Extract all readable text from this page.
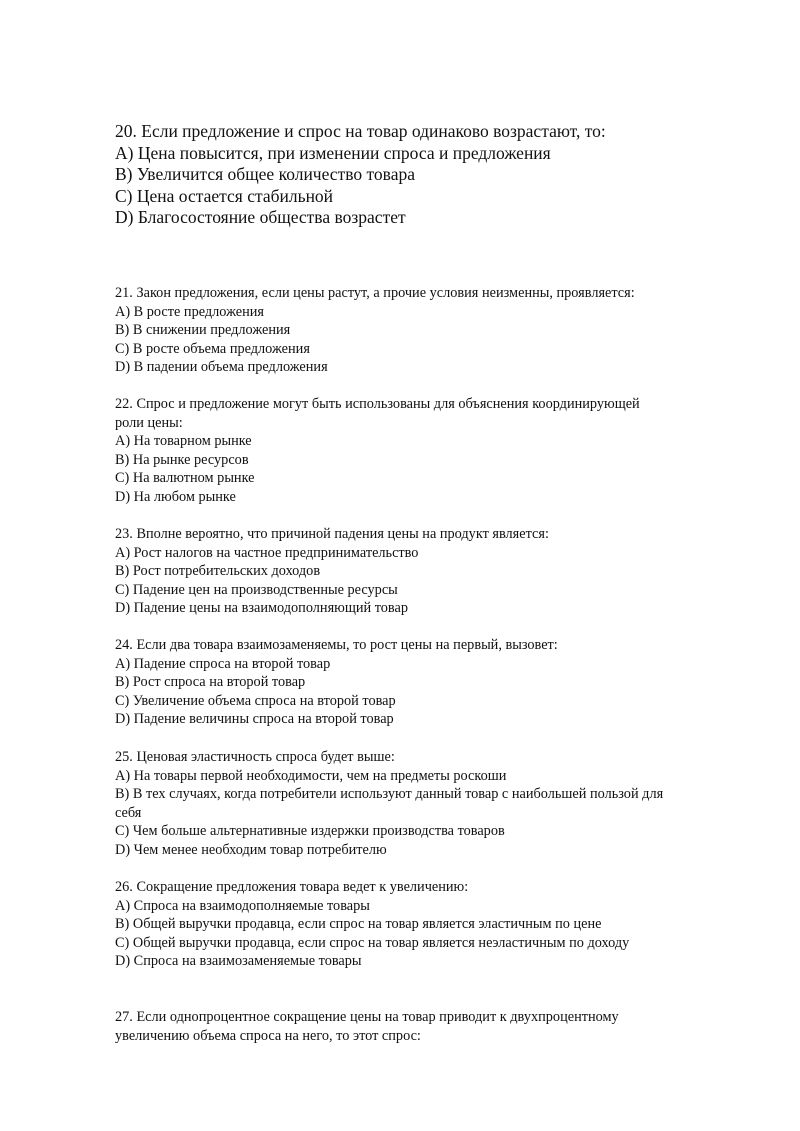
20. Если предложение и спрос на товар одинаково возрастают, то:

A) Цена повысится, при изменении спроса и предложения

B) Увеличится общее количество товара

C) Цена остается стабильной

D) Благосостояние общества возрастет

21. Закон предложения, если цены растут, а прочие условия неизменны, проявляется:

A) В росте предложения

B) В снижении предложения

C) В росте объема предложения

D) В падении объема предложения

22. Спрос и предложение могут быть использованы для объяснения координирующей

роли цены:

A) На товарном рынке

B) На рынке ресурсов

C) На валютном рынке

D) На любом рынке

23. Вполне вероятно, что причиной падения цены на продукт является:

A) Рост налогов на частное предпринимательство

B) Рост потребительских доходов

C) Падение цен на производственные ресурсы

D) Падение цены на взаимодополняющий товар

24. Если два товара взаимозаменяемы, то рост цены на первый, вызовет:

A) Падение спроса на второй товар

B) Рост спроса на второй товар

C) Увеличение объема спроса на второй товар

D) Падение величины спроса на второй товар

25. Ценовая эластичность спроса будет выше:

A) На товары первой необходимости, чем на предметы роскоши

B) В тех случаях, когда потребители используют данный товар с наибольшей пользой для

себя

C) Чем больше альтернативные издержки производства товаров

D) Чем менее необходим товар потребителю

26. Сокращение предложения товара ведет к увеличению:

A) Спроса на взаимодополняемые товары

B) Общей выручки продавца, если спрос на товар является эластичным по цене

C) Общей выручки продавца, если спрос на товар является неэластичным по доходу

D) Спроса на взаимозаменяемые товары

27. Если однопроцентное сокращение цены на товар приводит к двухпроцентному

увеличению объема спроса на него, то этот спрос:
